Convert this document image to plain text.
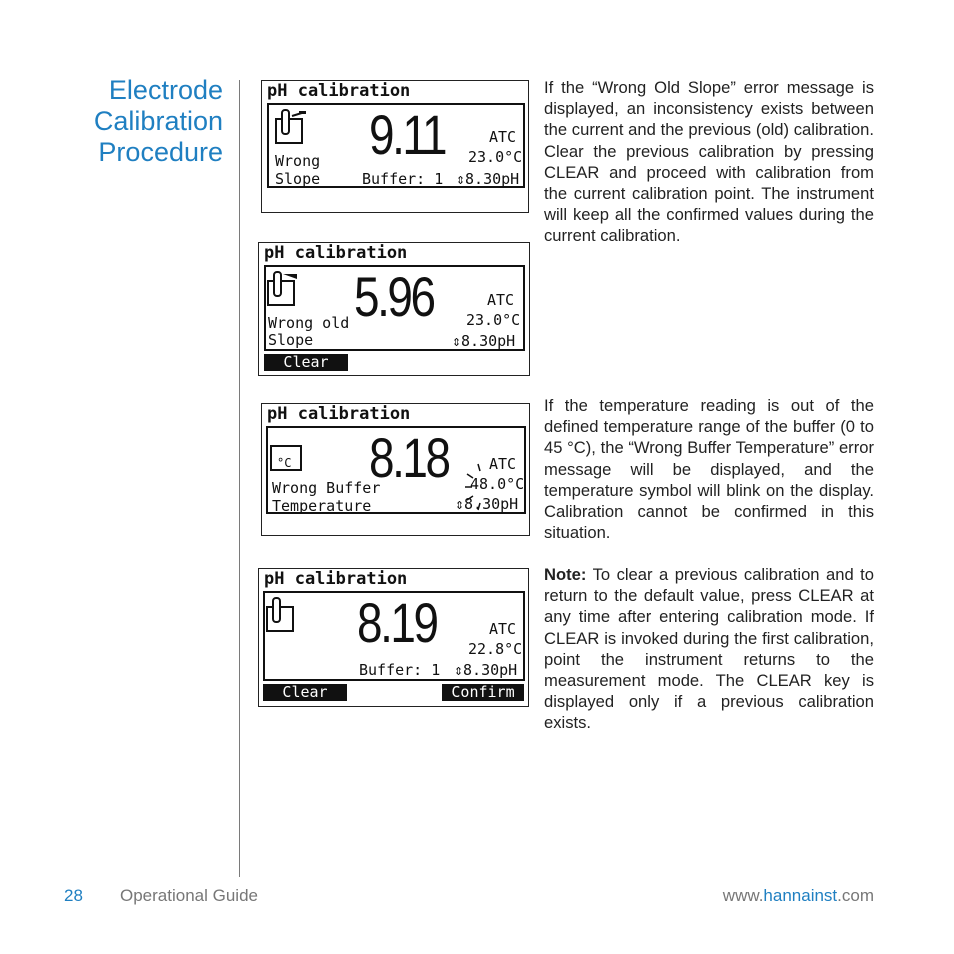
Electrode
Calibration
Procedure
pH calibration
9.11	ATC
23.0°C
Wrong
Slope	Buffer: 1 ⇕8.30pH
pH calibration
5.96	ATC
23.0°C
Wrong old
Slope	⇕8.30pH
Clear
pH calibration
°C 8.18	ATC
48.0°C
Wrong Buffer
Temperature	⇕8.30pH
pH calibration
8.19	ATC
22.8°C
Buffer: 1 ⇕8.30pH
Clear	Confirm
If the “Wrong Old Slope” error message is displayed, an inconsistency exists between the current and the previous (old) calibration. Clear the previous calibration by pressing CLEAR and proceed with calibration from the current calibration point. The instrument will keep all the confirmed values during the current calibration.
If the temperature reading is out of the defined temperature range of the buffer (0 to 45 °C), the “Wrong Buffer Temperature” error message will be displayed, and the temperature symbol will blink on the display. Calibration cannot be confirmed in this situation.
Note: To clear a previous calibration and to return to the default value, press CLEAR at any time after entering calibration mode. If CLEAR is invoked during the first calibration, point the instrument returns to the measurement mode. The CLEAR key is displayed only if a previous calibration exists.
28 Operational Guide	www.hannainst.com
